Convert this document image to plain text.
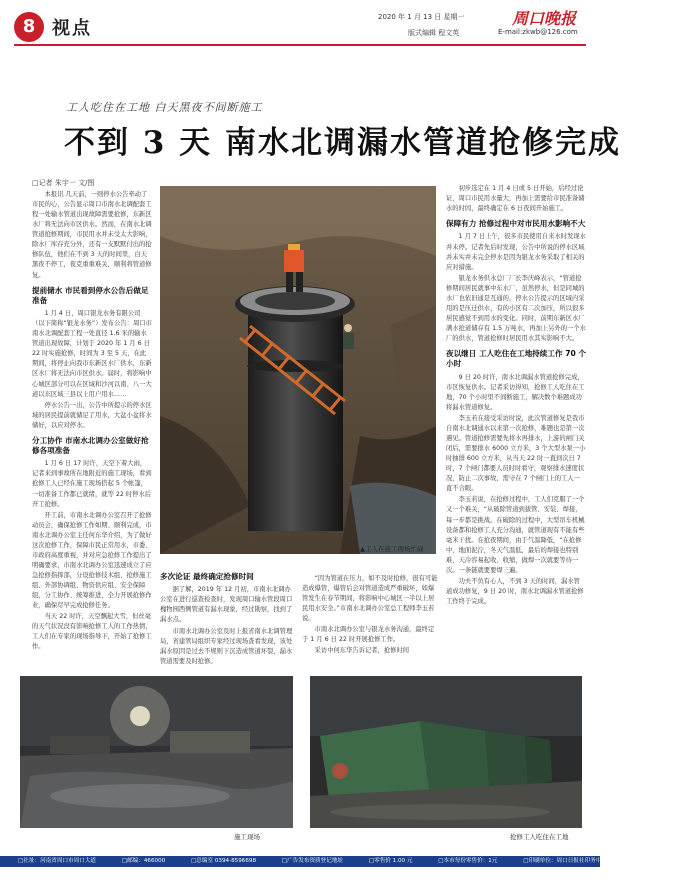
8 视点
2020 年 1 月 13 日 星期一	周口晚报
版式编辑 程文英	E-mail:zkwb@126.com
工人吃住在工地 白天黑夜不间断施工
不到 3 天 南水北调漏水管道抢修完成
□记者 朱宇一 文/图

本报讯 几天前，一则停水公告牵动了市民的心，公告显示周口市南水北调配套工程一处输水管道出现故障需要抢修，东新区水厂将无法向市区供水。然而，在南水北调管道抢修期间，市民用水并未受太大影响，除水厂库存充分外，还有一支默默付出的抢修队伍，他们在不到 3 天的时间里，白天黑夜不停工，夜克重重难关，顺利将管道修复。

提前储水 市民看到停水公告后做足准备

1 月 4 日，周口银龙水务有限公司（以下简称“银龙水务”）发布公告：周口市南水北调配套工程一处直径 1.6 米的输水管道出现故障，计划于 2020 年 1 月 6 日 22 时实施抢修，时间为 3 至 5 天，在此期间，将停止向我市东新区水厂供水，东新区水厂将无法向市区供水。届时，将影响中心城区部分可以在区域和沙河以南、八一大道以东区域三县以上用户用水……

停水公告一出，公告中所提示的停水区域的居民提前就储足了用水，大盆小盆将水储好，以应对停水。

分工协作 市南水北调办公室做好抢修各项准备

1 月 6 日 17 时许，天空下着大雨，记者来到事故所在地附近的施工现场，看到抢修工人已经在施工现场搭起 5 个帐篷，一切准备工作都已就绪，就等 22 时停水后开工抢修。

开工前，市南水北调办公室召开了抢修动员会，确保抢修工作如期、顺利完成，市南水北调办公室主任何东华介绍，为了做好这次抢修工作，保障市民正常用水，市委、市政府高度重视，并对应急抢修工作提出了明确要求，市南水北调办公室迅速成立了应急抢修指挥部，分设抢修技术组、抢修施工组、外部协调组、物资供应组、安全保障组，分工协作、统筹推进，全力开展抢修作业，确保尽早完成抢修任务。

当天 22 时许，天空飘起大雪，但丝毫的天气状况没有影响抢修工人的工作热情，工人们在专家的现场指导下，开始了抢修工作。

▲工人在施工现场忙碌

初步选定在 1 月 4 日或 5 日开始，后经过论证，周口市民用水量大，再加上需要给市民准备储水的时间，最终确定在 6 日夜间开始施工。

保障有力 抢修过程中对市民用水影响不大

1 月 7 日上午，很多市民使用自来水时发现水并未停。记者先后时发现，公告中所说的停水区域并未实并未完全停水是因为银龙水务采取了相关的应对措施。

银龙水务供水总厂厂长李庆峰表示，“管道抢修期间居民就事中东水厂，虽然停水，但是同城的水厂也依旧通是互通的，停水公告提示的区域内采用的是压迁供水，有的小区有二次加压，所以很多居民感觉不到用水的变化。同时，前期东新区水厂满水抢道储存有 1.5 万吨水，再加上另外的一个水厂的供水，管道抢修时居民用水其实影响不大。

夜以继日 工人吃住在工地持续工作 70 个小时

9 日 20 时许，南水北调漏水管道抢修完成，市区恢复供水。记者采访得知，抢修工人吃住在工地，70 个小时里不间断施工，解决数个难题成功将漏水管道修复。

李玉若在接受采访时说，此次管道修复是我市自南水北调通水以来第一次抢修，难题也是第一次遇见。管道抢修需要先将水再排水，上游的闸门关闭后，需要排水 6000 立方米，3 个大型水泵一小时抽排 600 立方米，从当天 22 时一直到次日 7 时，7 个闸门都要人员时时看守，观察排水速度状况，防止二次事故，需守在 7 个闸门上的工人一直不合眼。

李玉若说，在抢修过程中，工人们克服了一个又一个难关，“从破除管道到拔管、安装、焊接，每一步都是挑战。在破除的过程中，大型吊车机械设备都和抢修工人充分沟通，就管道现有不能有些毫米干扰。在抢夜期间，由于气温降低，“在抢修中，地面泥泞，冬天气温低，最后的焊接也特别难，天冷容易起收、收缩，做焊一次就要等待一次。一条链就要要焊三遍。

功夫不负有心人，不到 3 天的时间，漏水管道成功修复，9 日 20 时，南水北调漏水管道抢修工作终于完成。

多次论证 最终确定抢修时间

据了解，2019 年 12 月初，市南水北调办公室在进行巡查检查时，发现周口输水管段周口槐物园西侧管道有漏水现象，经过勘察，找到了漏水点。

市南水北调办公室及时上报省南水北调管理局，省建管局组织专家经过现场查看发现，该处漏水原因是过去不规则下沉造成管道坏裂，漏水管道需要及时抢修。

“因为管道在压力，如不及时抢修，很有可能造成爆管，爆管后会对管道造成严重破坏，如爆管发生在春节期间，将影响中心城区一半以上居民用水安全。”市南水北调办公室总工程师李玉若说。

市南水北调办公室与银龙水务沟通，最终定于 1 月 6 日 22 时开展抢修工作。

采访中何东华告诉记者，抢修时间

施工现场	抢修工人吃住在工地
□社址：河南省周口市周口大道	□邮编：466000	□总编室 0394-8596698	□广告发布资质登记地址	□零售价 1.00 元	□本市每份零售价：1元	□印刷单位：周口日报社印务中心	□地址：周口日报社院内
